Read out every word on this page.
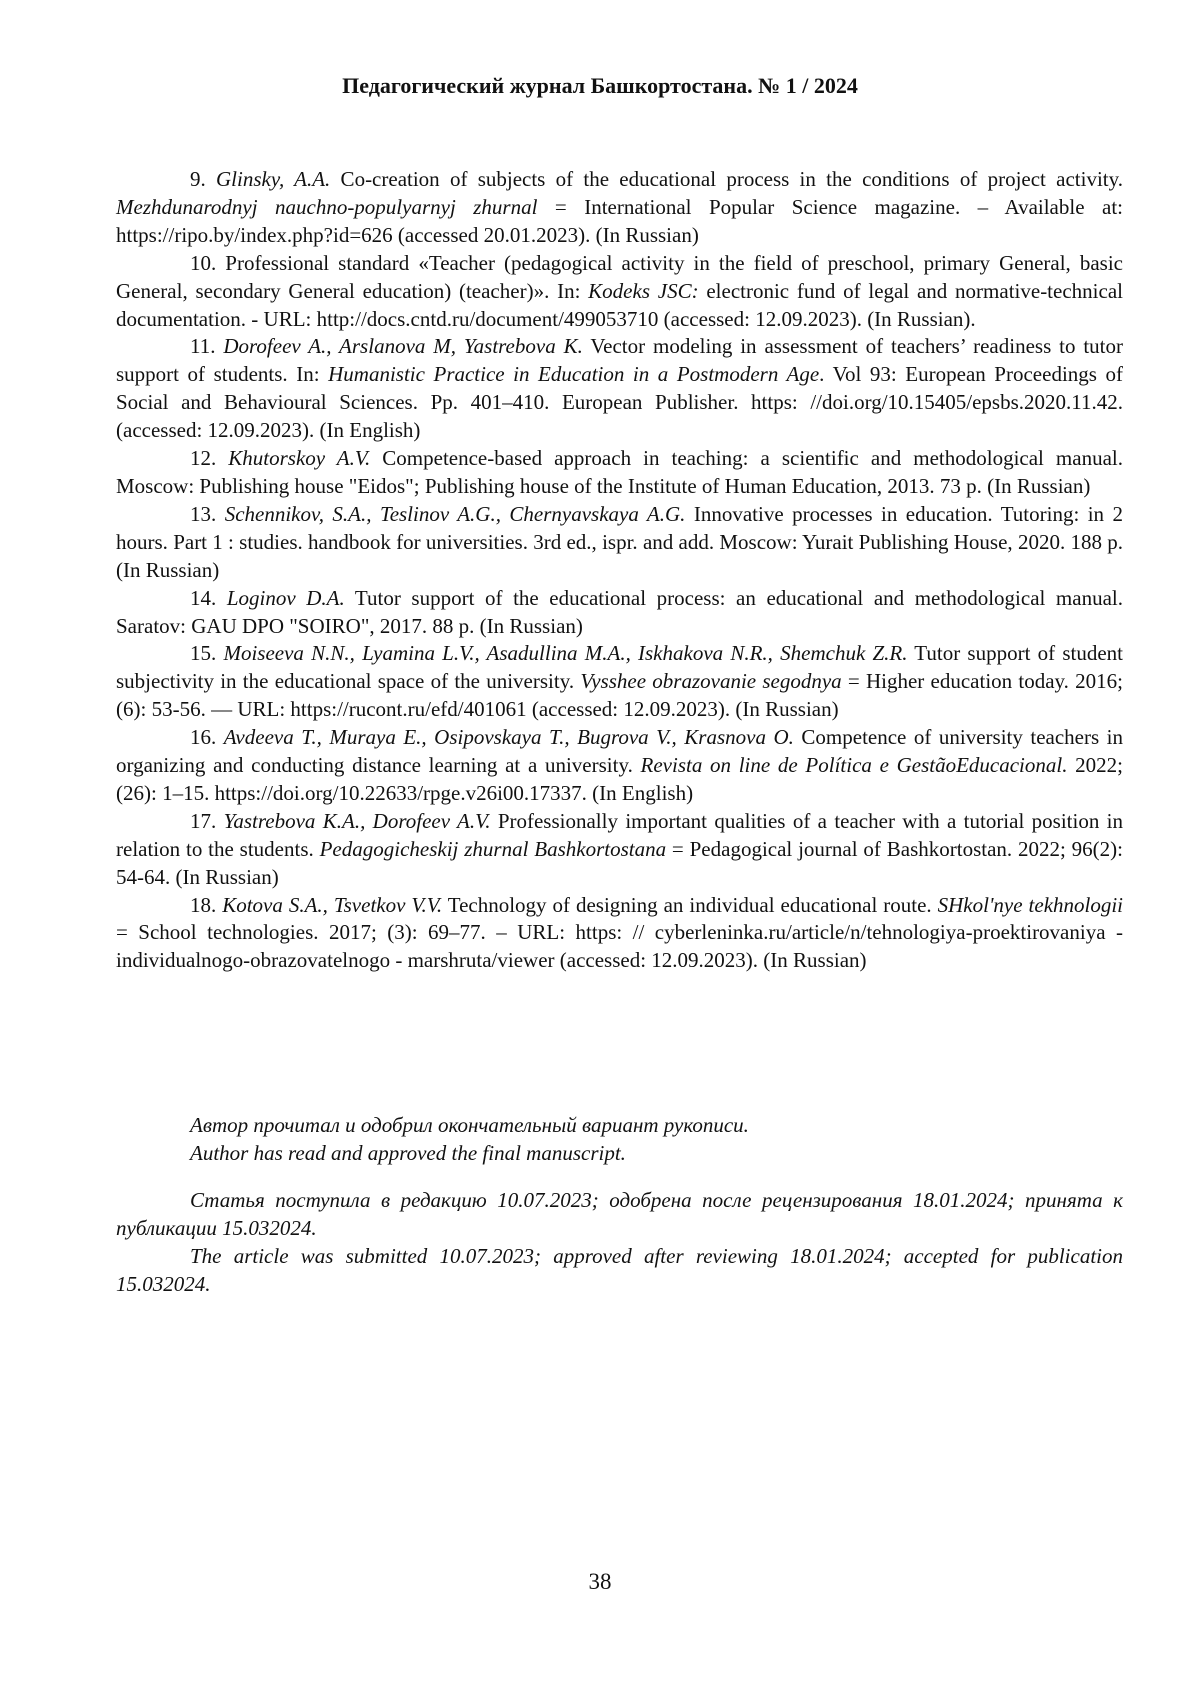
Педагогический журнал Башкортостана. № 1 / 2024

9. Glinsky, A.A. Co-creation of subjects of the educational process in the conditions of project activity. Mezhdunarodnyj nauchno-populyarnyj zhurnal = International Popular Science magazine. – Available at: https://ripo.by/index.php?id=626 (accessed 20.01.2023). (In Russian)

10. Professional standard «Teacher (pedagogical activity in the field of preschool, primary General, basic General, secondary General education) (teacher)». In: Kodeks JSC: electronic fund of legal and normative-technical documentation. - URL: http://docs.cntd.ru/document/499053710 (accessed: 12.09.2023). (In Russian).

11. Dorofeev A., Arslanova M, Yastrebova K. Vector modeling in assessment of teachers’ readiness to tutor support of students. In: Humanistic Practice in Education in a Postmodern Age. Vol 93: European Proceedings of Social and Behavioural Sciences. Pp. 401–410. European Publisher. https: //doi.org/10.15405/epsbs.2020.11.42. (accessed: 12.09.2023). (In English)

12. Khutorskoy A.V. Competence-based approach in teaching: a scientific and methodological manual. Moscow: Publishing house "Eidos"; Publishing house of the Institute of Human Education, 2013. 73 p. (In Russian)

13. Schennikov, S.A., Teslinov A.G., Chernyavskaya A.G. Innovative processes in education. Tutoring: in 2 hours. Part 1 : studies. handbook for universities. 3rd ed., ispr. and add. Moscow: Yurait Publishing House, 2020. 188 p. (In Russian)

14. Loginov D.A. Tutor support of the educational process: an educational and methodological manual. Saratov: GAU DPO "SOIRO", 2017. 88 p. (In Russian)

15. Moiseeva N.N., Lyamina L.V., Asadullina M.A., Iskhakova N.R., Shemchuk Z.R. Tutor support of student subjectivity in the educational space of the university. Vysshee obrazovanie segodnya = Higher education today. 2016; (6): 53-56. — URL: https://rucont.ru/efd/401061 (accessed: 12.09.2023). (In Russian)

16. Avdeeva T., Muraya E., Osipovskaya T., Bugrova V., Krasnova O. Competence of university teachers in organizing and conducting distance learning at a university. Revista on line de Política e GestãoEducacional. 2022; (26): 1–15. https://doi.org/10.22633/rpge.v26i00.17337. (In English)

17. Yastrebova K.A., Dorofeev A.V. Professionally important qualities of a teacher with a tutorial position in relation to the students. Pedagogicheskij zhurnal Bashkortostana = Pedagogical journal of Bashkortostan. 2022; 96(2): 54-64. (In Russian)

18. Kotova S.A., Tsvetkov V.V. Technology of designing an individual educational route. SHkol'nye tekhnologii = School technologies. 2017; (3): 69–77. – URL: https: // cyberleninka.ru/article/n/tehnologiya-proektirovaniya - individualnogo-obrazovatelnogo - marshruta/viewer (accessed: 12.09.2023). (In Russian)

Автор прочитал и одобрил окончательный вариант рукописи.

Author has read and approved the final manuscript.

Статья поступила в редакцию 10.07.2023; одобрена после рецензирования 18.01.2024; принята к публикации 15.032024.

The article was submitted 10.07.2023; approved after reviewing 18.01.2024; accepted for publication 15.032024.

38
